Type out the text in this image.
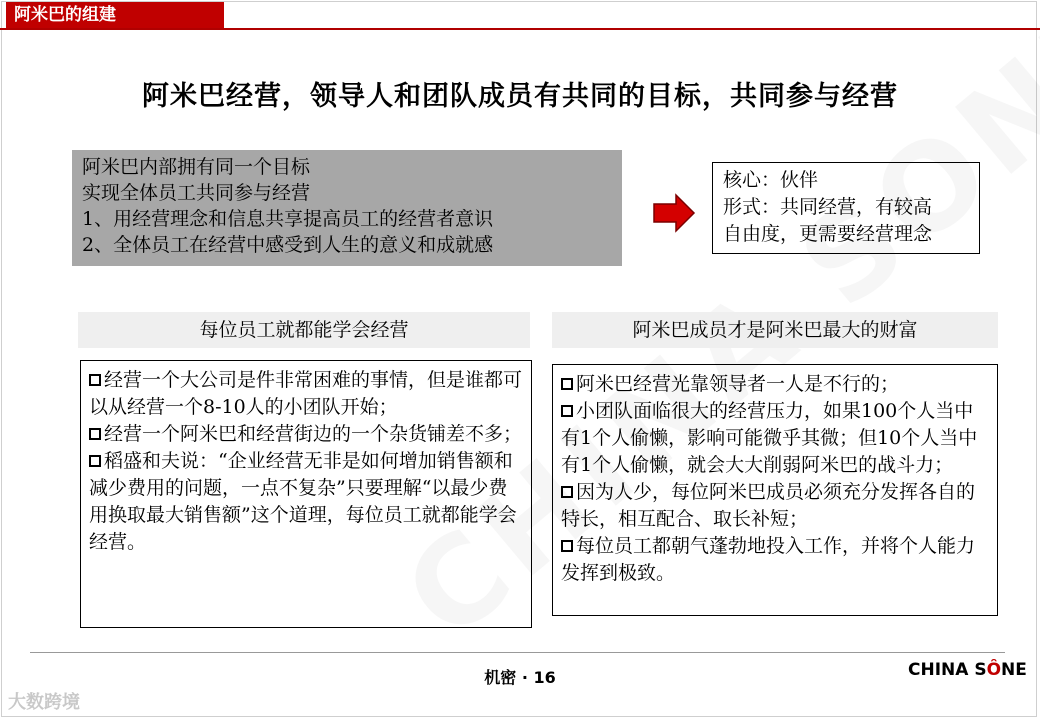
阿米巴的组建
阿米巴经营，领导人和团队成员有共同的目标，共同参与经营
阿米巴内部拥有同一个目标
实现全体员工共同参与经营
1、用经营理念和信息共享提高员工的经营者意识
2、全体员工在经营中感受到人生的意义和成就感
核心：伙伴
形式：共同经营，有较高
自由度，更需要经营理念
每位员工就都能学会经营	阿米巴成员才是阿米巴最大的财富

经营一个大公司是件非常困难的事情，但是谁都可以从经营一个8-10人的小团队开始；

经营一个阿米巴和经营街边的一个杂货铺差不多；

稻盛和夫说：“企业经营无非是如何增加销售额和减少费用的问题，一点不复杂”只要理解“以最少费用换取最大销售额”这个道理，每位员工就都能学会经营。

阿米巴经营光靠领导者一人是不行的；

小团队面临很大的经营压力，如果100个人当中有1个人偷懒，影响可能微乎其微；但10个人当中有1个人偷懒，就会大大削弱阿米巴的战斗力；

因为人少，每位阿米巴成员必须充分发挥各自的特长，相互配合、取长补短；

每位员工都朝气蓬勃地投入工作，并将个人能力发挥到极致。

机密 · 16	CHINA SȎNE
大数跨境
